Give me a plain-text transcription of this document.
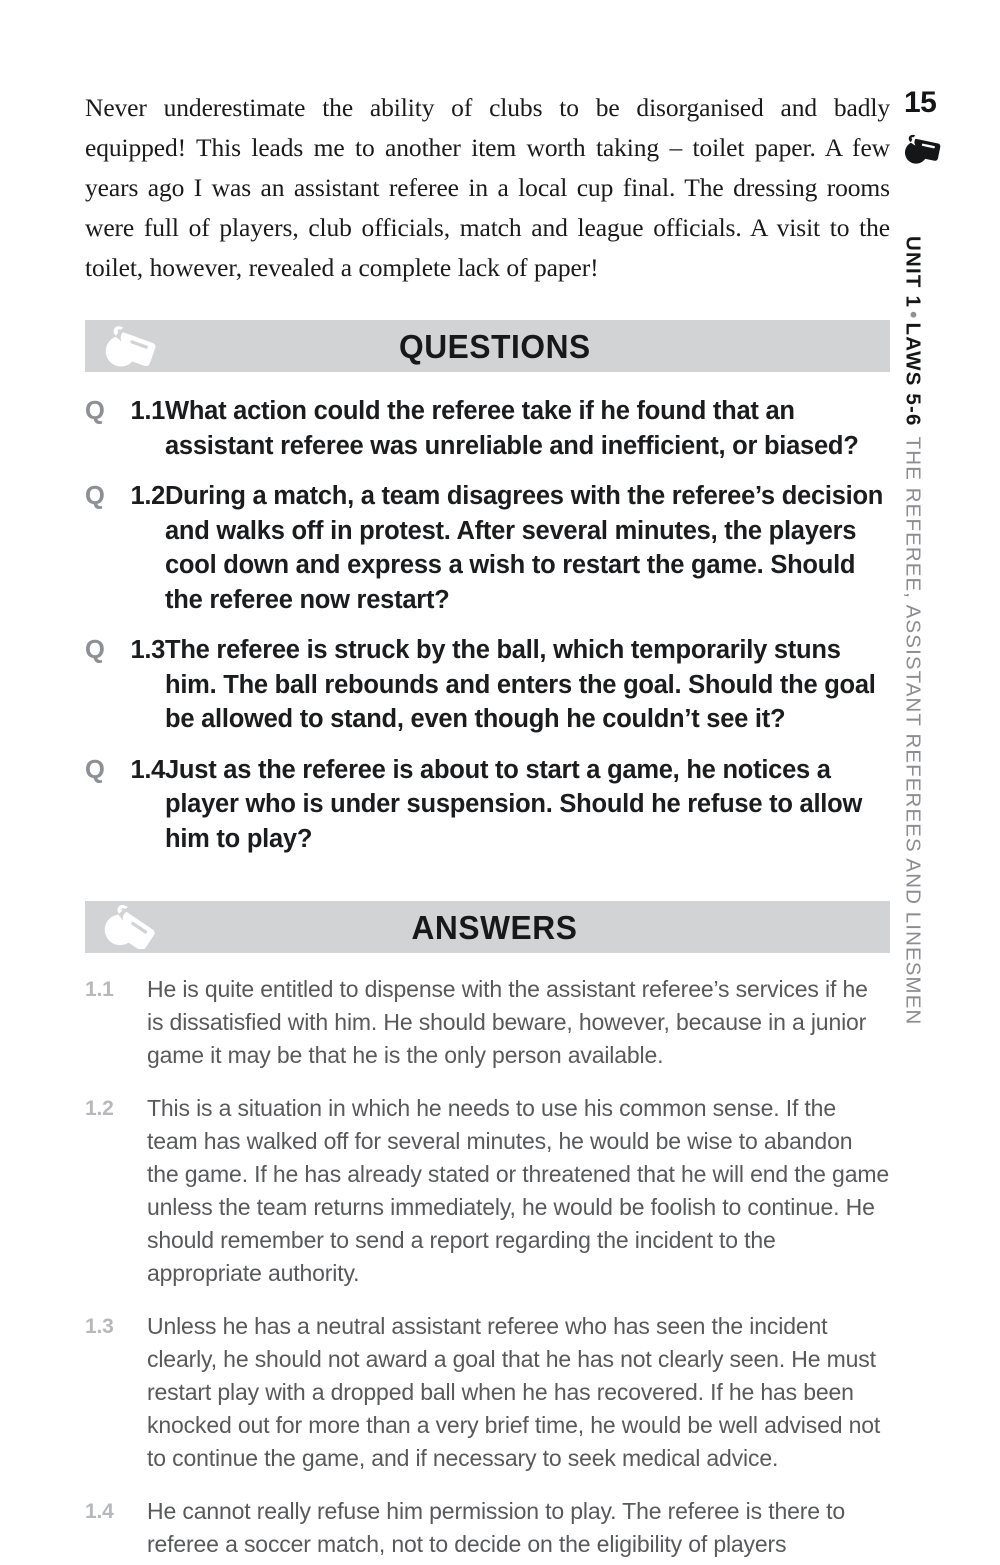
Never underestimate the ability of clubs to be disorganised and badly equipped! This leads me to another item worth taking – toilet paper. A few years ago I was an assistant referee in a local cup final. The dressing rooms were full of players, club officials, match and league officials. A visit to the toilet, however, revealed a complete lack of paper!

QUESTIONS
Q 1.1 What action could the referee take if he found that an assistant referee was unreliable and inefficient, or biased?
Q 1.2 During a match, a team disagrees with the referee’s decision and walks off in protest. After several minutes, the players cool down and express a wish to restart the game. Should the referee now restart?
Q 1.3 The referee is struck by the ball, which temporarily stuns him. The ball rebounds and enters the goal. Should the goal be allowed to stand, even though he couldn’t see it?
Q 1.4 Just as the referee is about to start a game, he notices a player who is under suspension. Should he refuse to allow him to play?
ANSWERS
1.1	He is quite entitled to dispense with the assistant referee’s services if he is dissatisfied with him. He should beware, however, because in a junior game it may be that he is the only person available.
1.2	This is a situation in which he needs to use his common sense. If the team has walked off for several minutes, he would be wise to abandon the game. If he has already stated or threatened that he will end the game unless the team returns immediately, he would be foolish to continue. He should remember to send a report regarding the incident to the appropriate authority.
1.3	Unless he has a neutral assistant referee who has seen the incident clearly, he should not award a goal that he has not clearly seen. He must restart play with a dropped ball when he has recovered. If he has been knocked out for more than a very brief time, he would be well advised not to continue the game, and if necessary to seek medical advice.
1.4	He cannot really refuse him permission to play. The referee is there to referee a soccer match, not to decide on the eligibility of players
15
UNIT 1•LAWS 5-6THE REFEREE, ASSISTANT REFEREES AND LINESMEN
